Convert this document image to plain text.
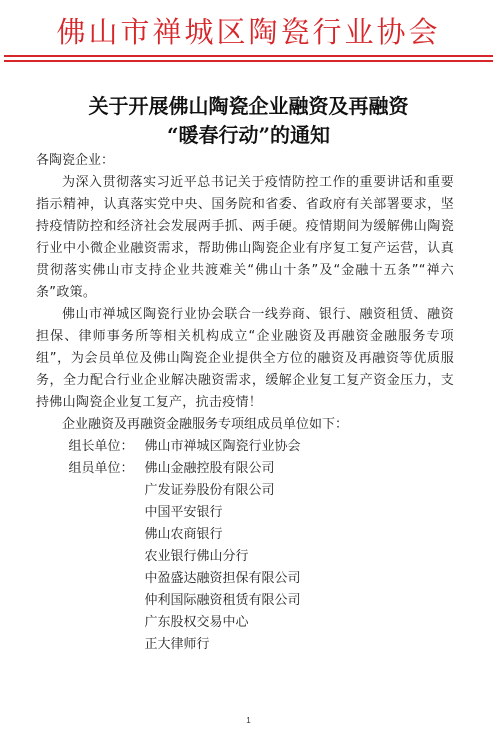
佛山市禅城区陶瓷行业协会
关于开展佛山陶瓷企业融资及再融资
“暖春行动”的通知

各陶瓷企业：

为深入贯彻落实习近平总书记关于疫情防控工作的重要讲话和重要指示精神，认真落实党中央、国务院和省委、省政府有关部署要求，坚持疫情防控和经济社会发展两手抓、两手硬。疫情期间为缓解佛山陶瓷行业中小微企业融资需求，帮助佛山陶瓷企业有序复工复产运营，认真贯彻落实佛山市支持企业共渡难关“佛山十条”及“金融十五条”“禅六条”政策。

佛山市禅城区陶瓷行业协会联合一线券商、银行、融资租赁、融资担保、律师事务所等相关机构成立“企业融资及再融资金融服务专项组”，为会员单位及佛山陶瓷企业提供全方位的融资及再融资等优质服务，全力配合行业企业解决融资需求，缓解企业复工复产资金压力，支持佛山陶瓷企业复工复产，抗击疫情！

企业融资及再融资金融服务专项组成员单位如下：

组长单位： 佛山市禅城区陶瓷行业协会
组员单位： 佛山金融控股有限公司
广发证券股份有限公司
中国平安银行
佛山农商银行
农业银行佛山分行
中盈盛达融资担保有限公司
仲利国际融资租赁有限公司
广东股权交易中心
正大律师行
1
